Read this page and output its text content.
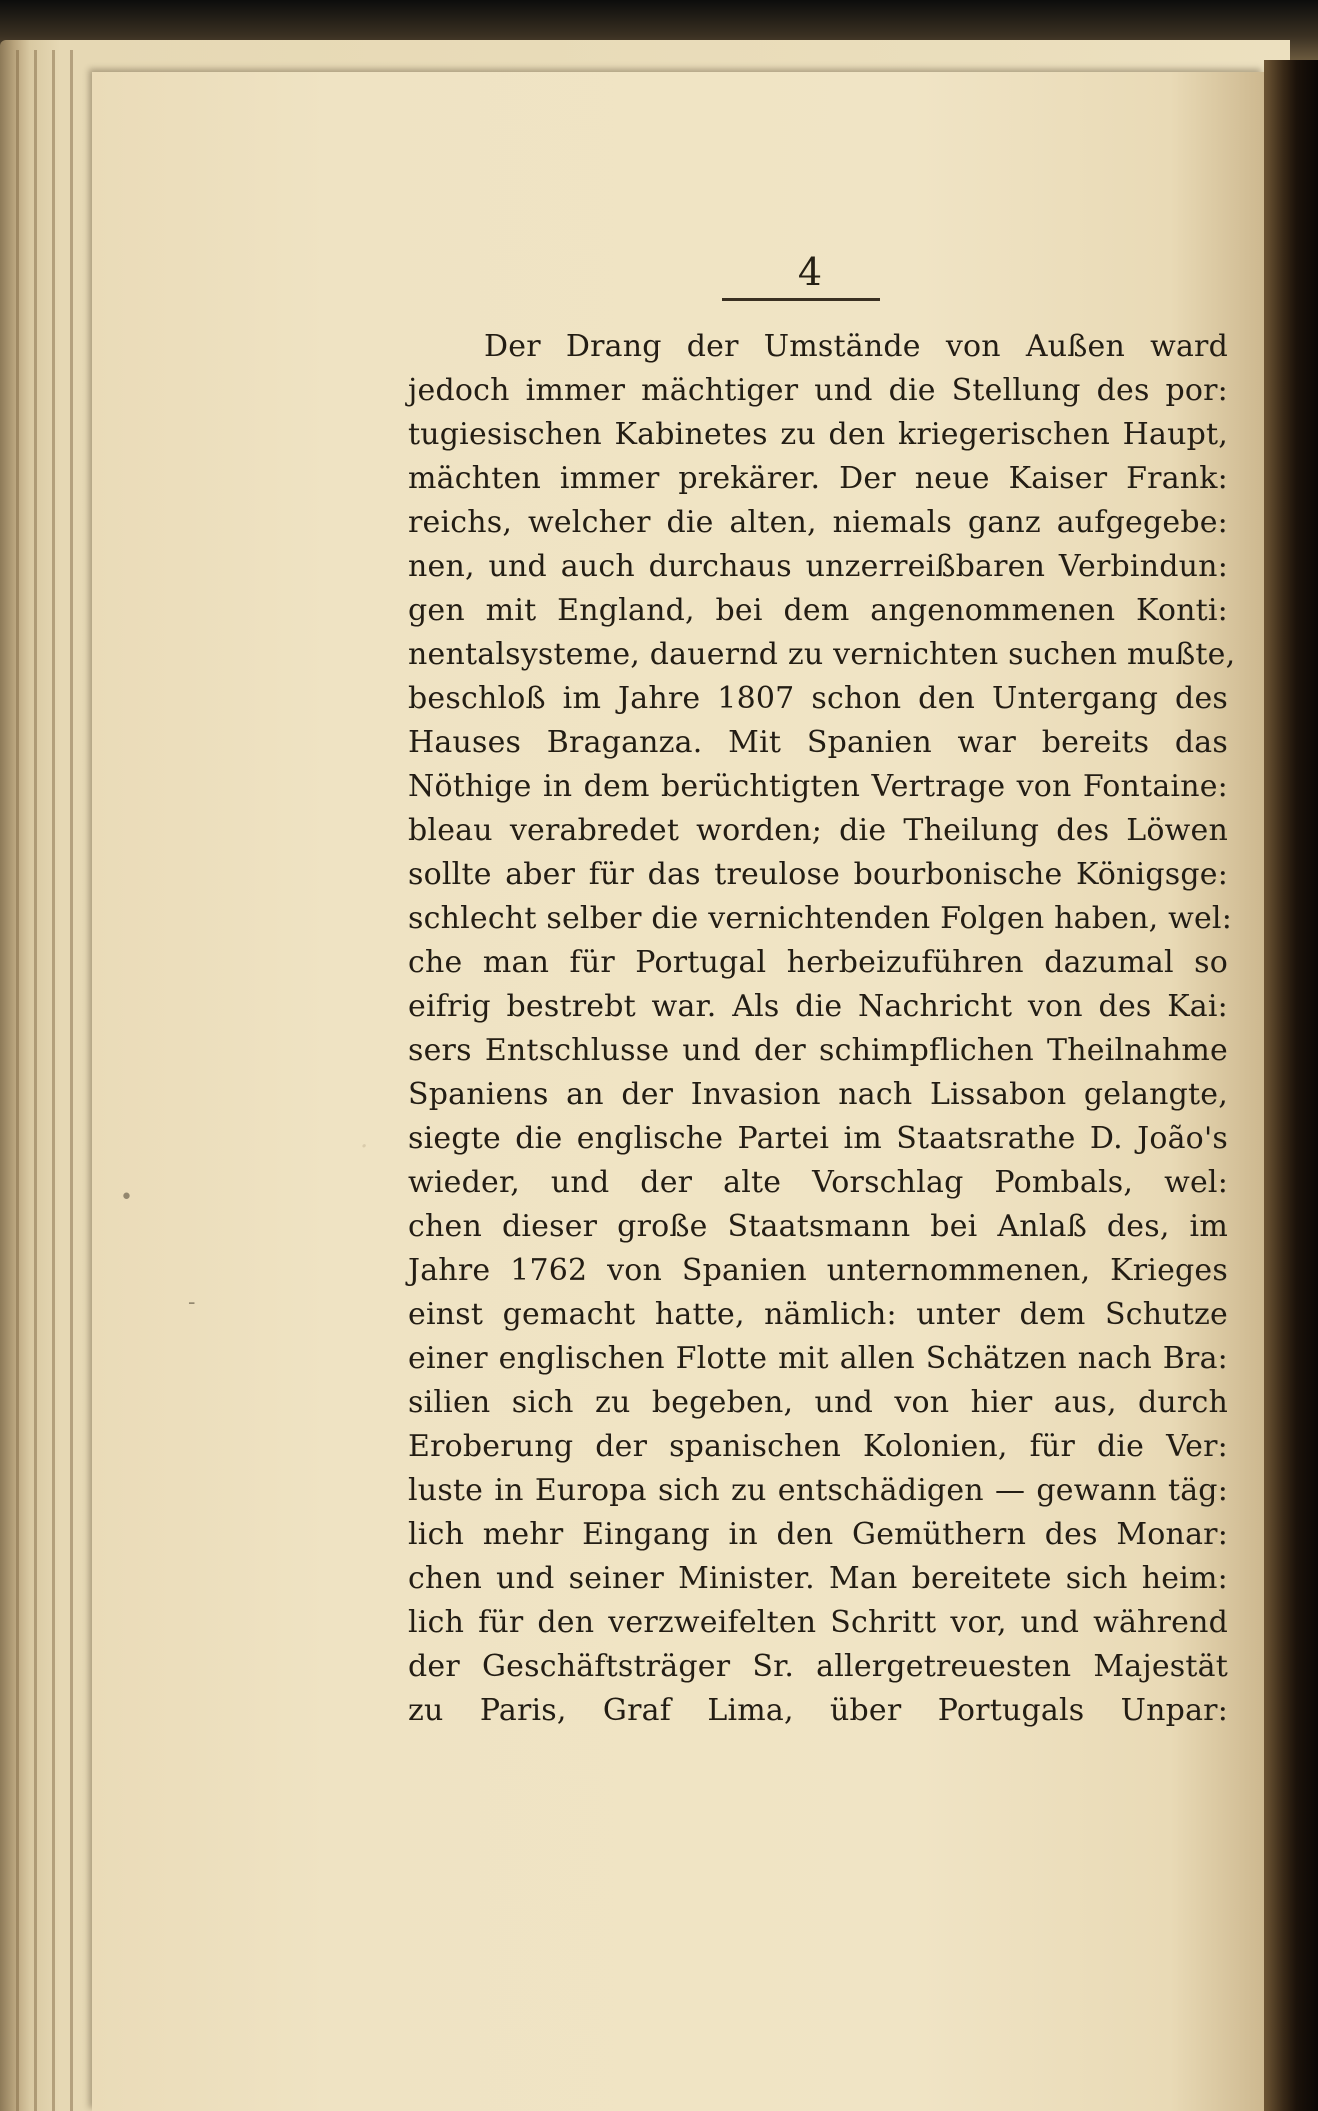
·
•
-
4
Der Drang der Umstände von Außen ward
jedoch immer mächtiger und die Stellung des por:
tugiesischen Kabinetes zu den kriegerischen Haupt,
mächten immer prekärer. Der neue Kaiser Frank:
reichs, welcher die alten, niemals ganz aufgegebe:
nen, und auch durchaus unzerreißbaren Verbindun:
gen mit England, bei dem angenommenen Konti:
nentalsysteme, dauernd zu vernichten suchen mußte,
beschloß im Jahre 1807 schon den Untergang des
Hauses Braganza. Mit Spanien war bereits das
Nöthige in dem berüchtigten Vertrage von Fontaine:
bleau verabredet worden; die Theilung des Löwen
sollte aber für das treulose bourbonische Königsge:
schlecht selber die vernichtenden Folgen haben, wel:
che man für Portugal herbeizuführen dazumal so
eifrig bestrebt war. Als die Nachricht von des Kai:
sers Entschlusse und der schimpflichen Theilnahme
Spaniens an der Invasion nach Lissabon gelangte,
siegte die englische Partei im Staatsrathe D. João's
wieder, und der alte Vorschlag Pombals, wel:
chen dieser große Staatsmann bei Anlaß des, im
Jahre 1762 von Spanien unternommenen, Krieges
einst gemacht hatte, nämlich: unter dem Schutze
einer englischen Flotte mit allen Schätzen nach Bra:
silien sich zu begeben, und von hier aus, durch
Eroberung der spanischen Kolonien, für die Ver:
luste in Europa sich zu entschädigen — gewann täg:
lich mehr Eingang in den Gemüthern des Monar:
chen und seiner Minister. Man bereitete sich heim:
lich für den verzweifelten Schritt vor, und während
der Geschäftsträger Sr. allergetreuesten Majestät
zu Paris, Graf Lima, über Portugals Unpar:
